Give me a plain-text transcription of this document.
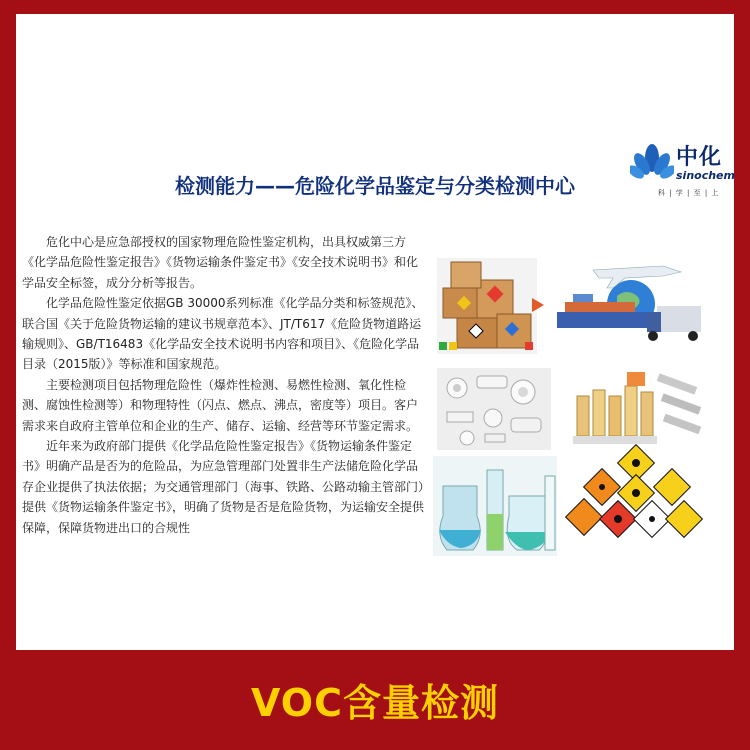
中化
sinochem
科 | 学 | 至 | 上
检测能力——危险化学品鉴定与分类检测中心

危化中心是应急部授权的国家物理危险性鉴定机构，出具权威第三方《化学品危险性鉴定报告》《货物运输条件鉴定书》《安全技术说明书》和化学品安全标签，成分分析等报告。

化学品危险性鉴定依据GB 30000系列标准《化学品分类和标签规范》、联合国《关于危险货物运输的建议书规章范本》、JT/T617《危险货物道路运输规则》、GB/T16483《化学品安全技术说明书内容和项目》、《危险化学品目录（2015版）》等标准和国家规范。

主要检测项目包括物理危险性（爆炸性检测、易燃性检测、氧化性检测、腐蚀性检测等）和物理特性（闪点、燃点、沸点，密度等）项目。客户需求来自政府主管单位和企业的生产、储存、运输、经营等环节鉴定需求。

近年来为政府部门提供《化学品危险性鉴定报告》《货物运输条件鉴定书》明确产品是否为的危险品，为应急管理部门处置非生产法储危险化学品存企业提供了执法依据；为交通管理部门（海事、铁路、公路动输主管部门）提供《货物运输条件鉴定书》，明确了货物是否是危险货物，为运输安全提供保障，保障货物进出口的合规性

VOC含量检测
